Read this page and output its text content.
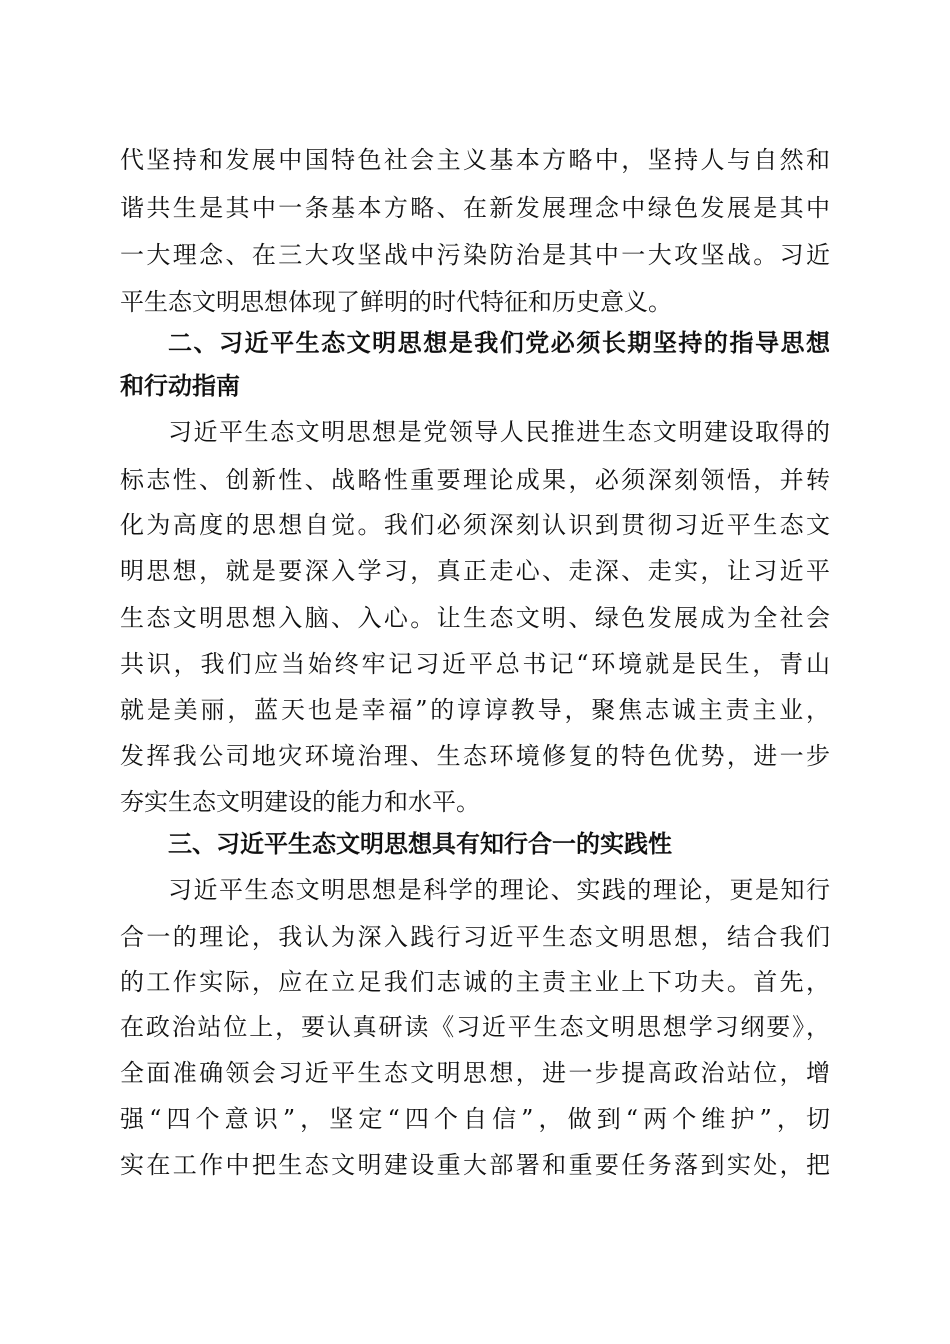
代坚持和发展中国特色社会主义基本方略中，坚持人与自然和
谐共生是其中一条基本方略、在新发展理念中绿色发展是其中
一大理念、在三大攻坚战中污染防治是其中一大攻坚战。习近
平生态文明思想体现了鲜明的时代特征和历史意义。
二、习近平生态文明思想是我们党必须长期坚持的指导思想
和行动指南
习近平生态文明思想是党领导人民推进生态文明建设取得的
标志性、创新性、战略性重要理论成果，必须深刻领悟，并转
化为高度的思想自觉。我们必须深刻认识到贯彻习近平生态文
明思想，就是要深入学习，真正走心、走深、走实，让习近平
生态文明思想入脑、入心。让生态文明、绿色发展成为全社会
共识，我们应当始终牢记习近平总书记“环境就是民生，青山
就是美丽，蓝天也是幸福”的谆谆教导，聚焦志诚主责主业，
发挥我公司地灾环境治理、生态环境修复的特色优势，进一步
夯实生态文明建设的能力和水平。
三、习近平生态文明思想具有知行合一的实践性
习近平生态文明思想是科学的理论、实践的理论，更是知行
合一的理论，我认为深入践行习近平生态文明思想，结合我们
的工作实际，应在立足我们志诚的主责主业上下功夫。首先，
在政治站位上，要认真研读《习近平生态文明思想学习纲要》，
全面准确领会习近平生态文明思想，进一步提高政治站位，增
强“四个意识”，坚定“四个自信”，做到“两个维护”，切
实在工作中把生态文明建设重大部署和重要任务落到实处，把
